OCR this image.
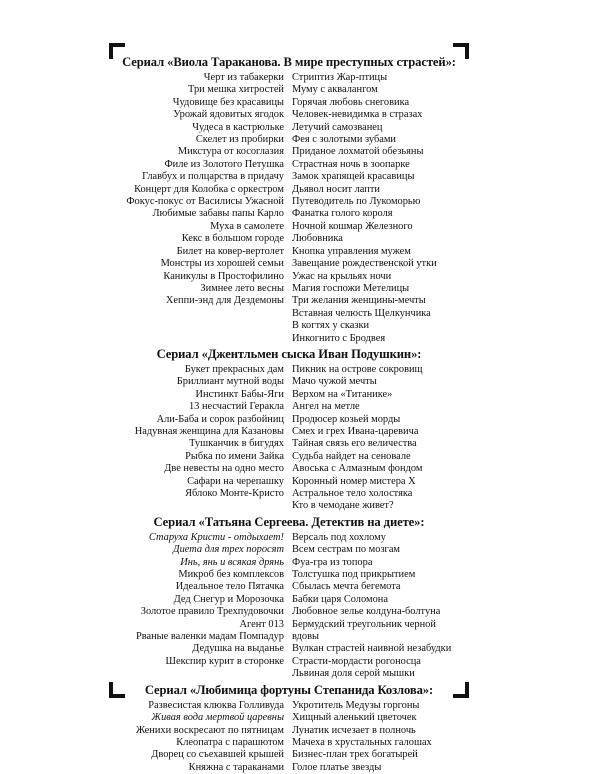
Сериал «Виола Тараканова. В мире преступных страстей»:
Черт из табакерки
Три мешка хитростей
Чудовище без красавицы
Урожай ядовитых ягодок
Чудеса в кастрюльке
Скелет из пробирки
Микстура от косоглазия
Филе из Золотого Петушка
Главбух и полцарства в придачу
Концерт для Колобка с оркестром
Фокус-покус от Василисы Ужасной
Любимые забавы папы Карло
Муха в самолете
Кекс в большом городе
Билет на ковер-вертолет
Монстры из хорошей семьи
Каникулы в Простофилино
Зимнее лето весны
Хеппи-энд для Дездемоны
Стриптиз Жар-птицы
Муму с аквалангом
Горячая любовь снеговика
Человек-невидимка в стразах
Летучий самозванец
Фея с золотыми зубами
Приданое лохматой обезьяны
Страстная ночь в зоопарке
Замок храпящей красавицы
Дьявол носит лапти
Путеводитель по Лукоморью
Фанатка голого короля
Ночной кошмар Железного Любовника
Кнопка управления мужем
Завещание рождественской утки
Ужас на крыльях ночи
Магия госпожи Метелицы
Три желания женщины-мечты
Вставная челюсть Щелкунчика
В когтях у сказки
Инкогнито с Бродвея
Сериал «Джентльмен сыска Иван Подушкин»:
Букет прекрасных дам
Бриллиант мутной воды
Инстинкт Бабы-Яги
13 несчастий Геракла
Али-Баба и сорок разбойниц
Надувная женщина для Казановы
Тушканчик в бигудях
Рыбка по имени Зайка
Две невесты на одно место
Сафари на черепашку
Яблоко Монте-Кристо
Пикник на острове сокровищ
Мачо чужой мечты
Верхом на «Титанике»
Ангел на метле
Продюсер козьей морды
Смех и грех Ивана-царевича
Тайная связь его величества
Судьба найдет на сеновале
Авоська с Алмазным фондом
Коронный номер мистера Х
Астральное тело холостяка
Кто в чемодане живет?
Сериал «Татьяна Сергеева. Детектив на диете»:
Старуха Кристи - отдыхает!
Диета для трех поросят
Инь, янь и всякая дрянь
Микроб без комплексов
Идеальное тело Пятачка
Дед Снегур и Морозочка
Золотое правило Трехпудовочки
Агент 013
Рваные валенки мадам Помпадур
Дедушка на выданье
Шекспир курит в сторонке
Версаль под хохлому
Всем сестрам по мозгам
Фуа-гра из топора
Толстушка под прикрытием
Сбылась мечта бегемота
Бабки царя Соломона
Любовное зелье колдуна-болтуна
Бермудский треугольник черной вдовы
Вулкан страстей наивной незабудки
Страсти-мордасти рогоносца
Львиная доля серой мышки
Сериал «Любимица фортуны Степанида Козлова»:
Развесистая клюква Голливуда
Живая вода мертвой царевны
Женихи воскресают по пятницам
Клеопатра с парашютом
Дворец со съехавшей крышей
Княжна с тараканами
Укротитель Медузы горгоны
Хищный аленький цветочек
Лунатик исчезает в полночь
Мачеха в хрустальных галошах
Бизнес-план трех богатырей
Голое платье звезды
